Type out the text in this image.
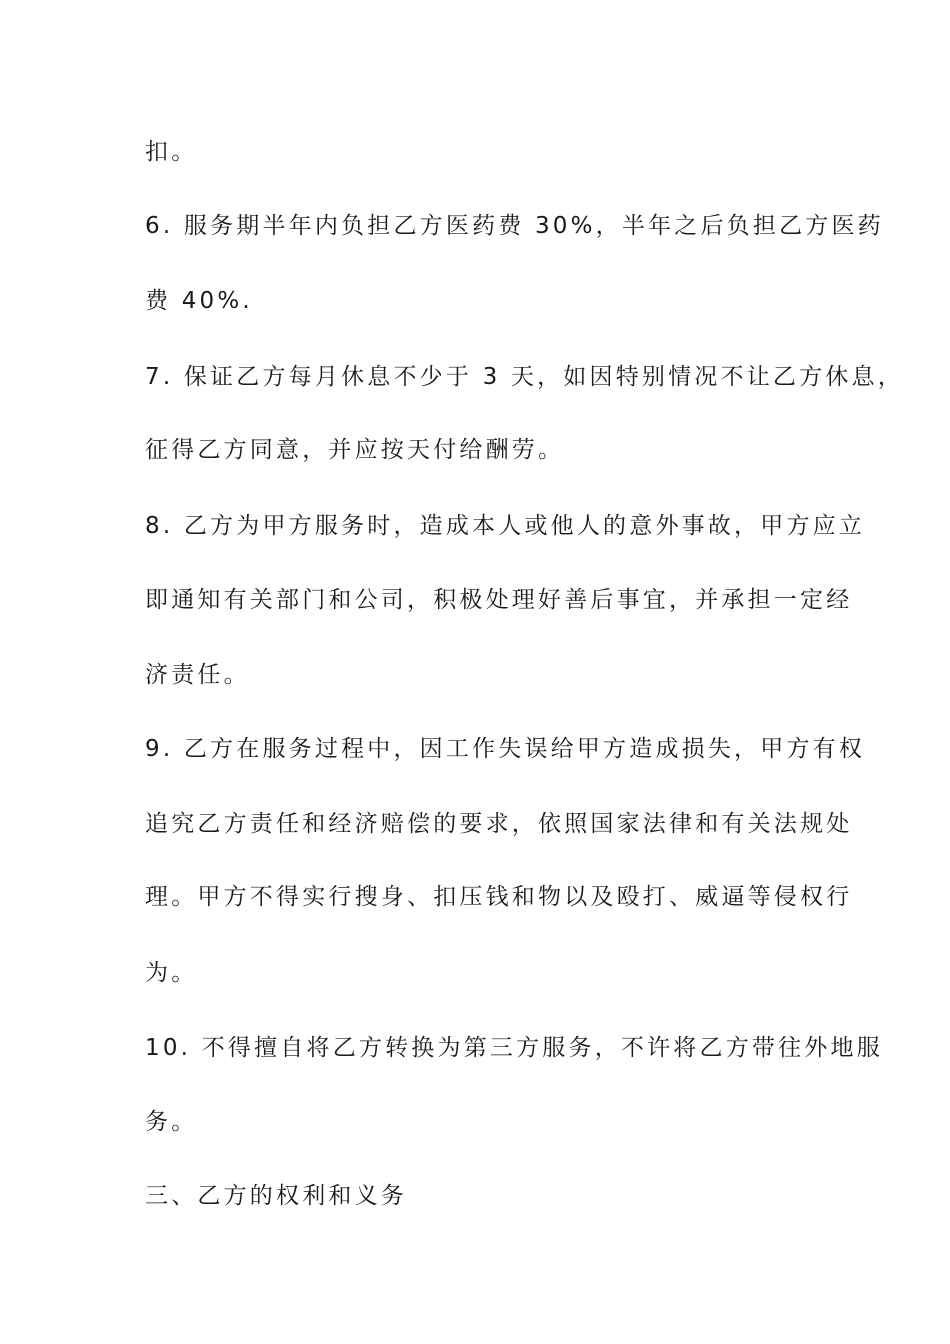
扣。
6. 服务期半年内负担乙方医药费 30%，半年之后负担乙方医药
费 40%.
7. 保证乙方每月休息不少于 3 天，如因特别情况不让乙方休息，
征得乙方同意，并应按天付给酬劳。
8. 乙方为甲方服务时，造成本人或他人的意外事故，甲方应立
即通知有关部门和公司，积极处理好善后事宜，并承担一定经
济责任。
9. 乙方在服务过程中，因工作失误给甲方造成损失，甲方有权
追究乙方责任和经济赔偿的要求，依照国家法律和有关法规处
理。甲方不得实行搜身、扣压钱和物以及殴打、威逼等侵权行
为。
10. 不得擅自将乙方转换为第三方服务，不许将乙方带往外地服
务。
三、乙方的权利和义务
